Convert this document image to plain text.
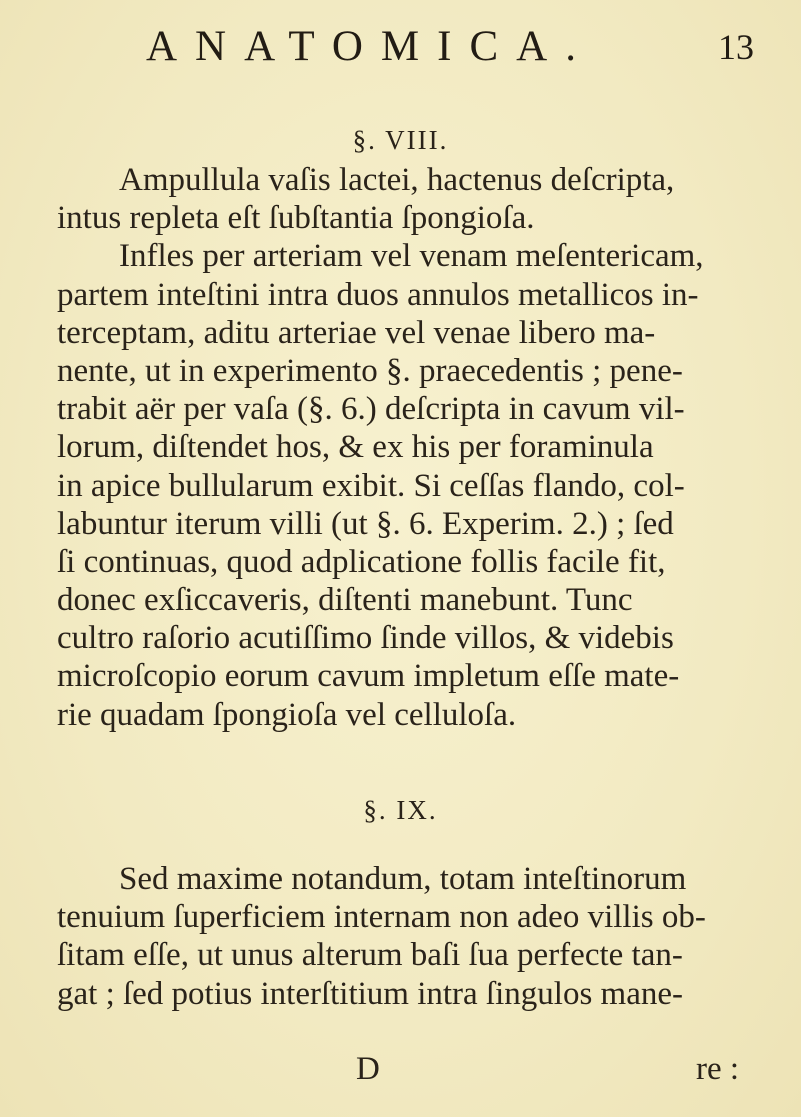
ANATOMICA.	13
§. VIII.
Ampullula vaſis lactei, hactenus deſcripta,
intus repleta eſt ſubſtantia ſpongioſa.
Infles per arteriam vel venam meſentericam,
partem inteſtini intra duos annulos metallicos in-
terceptam, aditu arteriae vel venae libero ma-
nente, ut in experimento §. praecedentis ; pene-
trabit aër per vaſa (§. 6.) deſcripta in cavum vil-
lorum, diſtendet hos, & ex his per foraminula
in apice bullularum exibit. Si ceſſas flando, col-
labuntur iterum villi (ut §. 6. Experim. 2.) ; ſed
ſi continuas, quod adplicatione follis facile fit,
donec exſiccaveris, diſtenti manebunt. Tunc
cultro raſorio acutiſſimo ſinde villos, & videbis
microſcopio eorum cavum impletum eſſe mate-
rie quadam ſpongioſa vel celluloſa.
§. IX.
Sed maxime notandum, totam inteſtinorum
tenuium ſuperficiem internam non adeo villis ob-
ſitam eſſe, ut unus alterum baſi ſua perfecte tan-
gat ; ſed potius interſtitium intra ſingulos mane-
D	re :
